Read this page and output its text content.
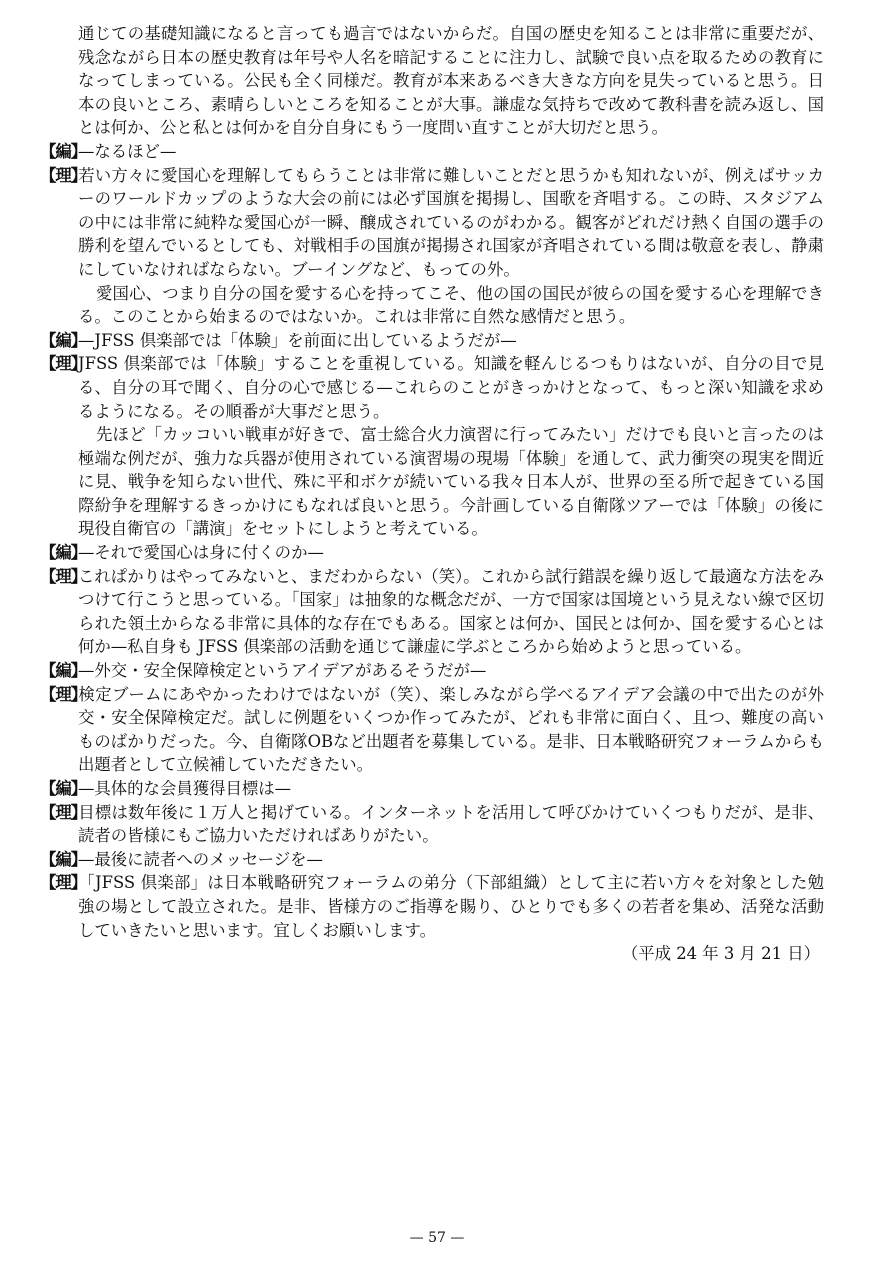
通じての基礎知識になると言っても過言ではないからだ。自国の歴史を知ることは非常に重要だが、残念ながら日本の歴史教育は年号や人名を暗記することに注力し、試験で良い点を取るための教育になってしまっている。公民も全く同様だ。教育が本来あるべき大きな方向を見失っていると思う。日本の良いところ、素晴らしいところを知ることが大事。謙虚な気持ちで改めて教科書を読み返し、国とは何か、公と私とは何かを自分自身にもう一度問い直すことが大切だと思う。

【編】—なるほど—

【理】若い方々に愛国心を理解してもらうことは非常に難しいことだと思うかも知れないが、例えばサッカーのワールドカップのような大会の前には必ず国旗を掲揚し、国歌を斉唱する。この時、スタジアムの中には非常に純粋な愛国心が一瞬、醸成されているのがわかる。観客がどれだけ熱く自国の選手の勝利を望んでいるとしても、対戦相手の国旗が掲揚され国家が斉唱されている間は敬意を表し、静粛にしていなければならない。ブーイングなど、もっての外。

愛国心、つまり自分の国を愛する心を持ってこそ、他の国の国民が彼らの国を愛する心を理解できる。このことから始まるのではないか。これは非常に自然な感情だと思う。

【編】—JFSS 倶楽部では「体験」を前面に出しているようだが—

【理】JFSS 倶楽部では「体験」することを重視している。知識を軽んじるつもりはないが、自分の目で見る、自分の耳で聞く、自分の心で感じる—これらのことがきっかけとなって、もっと深い知識を求めるようになる。その順番が大事だと思う。

先ほど「カッコいい戦車が好きで、富士総合火力演習に行ってみたい」だけでも良いと言ったのは極端な例だが、強力な兵器が使用されている演習場の現場「体験」を通して、武力衝突の現実を間近に見、戦争を知らない世代、殊に平和ボケが続いている我々日本人が、世界の至る所で起きている国際紛争を理解するきっかけにもなれば良いと思う。今計画している自衛隊ツアーでは「体験」の後に現役自衛官の「講演」をセットにしようと考えている。

【編】—それで愛国心は身に付くのか—

【理】これぱかりはやってみないと、まだわからない（笑）。これから試行錯誤を繰り返して最適な方法をみつけて行こうと思っている。「国家」は抽象的な概念だが、一方で国家は国境という見えない線で区切られた領土からなる非常に具体的な存在でもある。国家とは何か、国民とは何か、国を愛する心とは何か—私自身も JFSS 倶楽部の活動を通じて謙虚に学ぶところから始めようと思っている。

【編】—外交・安全保障検定というアイデアがあるそうだが—

【理】検定ブームにあやかったわけではないが（笑）、楽しみながら学べるアイデア会議の中で出たのが外交・安全保障検定だ。試しに例題をいくつか作ってみたが、どれも非常に面白く、且つ、難度の高いものばかりだった。今、自衛隊OBなど出題者を募集している。是非、日本戦略研究フォーラムからも出題者として立候補していただきたい。

【編】—具体的な会員獲得目標は—

【理】目標は数年後に１万人と掲げている。インターネットを活用して呼びかけていくつもりだが、是非、読者の皆様にもご協力いただければありがたい。

【編】—最後に読者へのメッセージを—

【理】「JFSS 倶楽部」は日本戦略研究フォーラムの弟分（下部組織）として主に若い方々を対象とした勉強の場として設立された。是非、皆様方のご指導を賜り、ひとりでも多くの若者を集め、活発な活動していきたいと思います。宜しくお願いします。

（平成 24 年 3 月 21 日）

— 57 —
